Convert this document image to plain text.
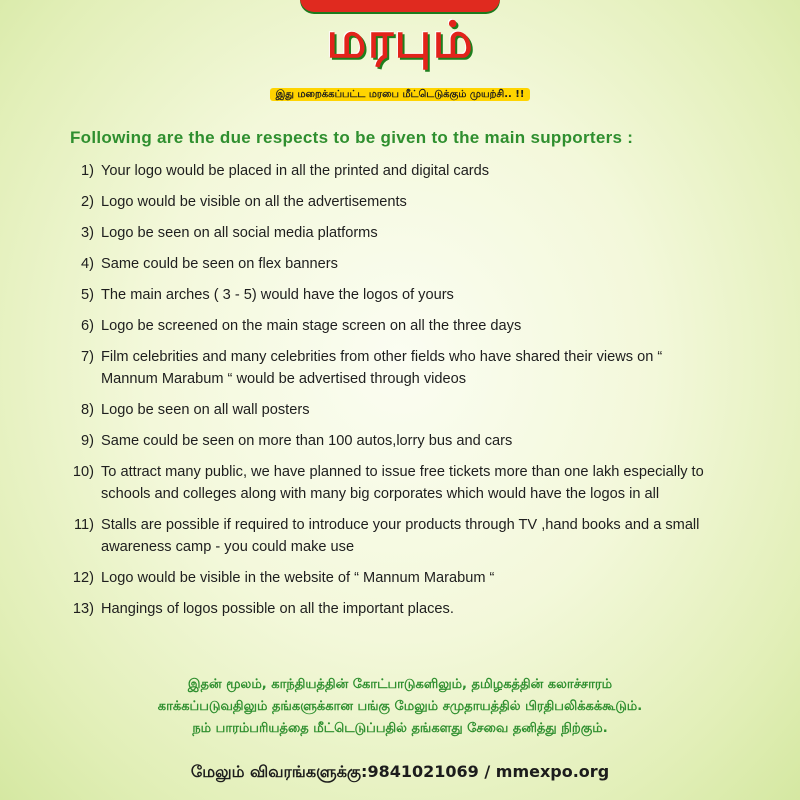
மரபும்
இது மறைக்கப்பட்ட மரபை மீட்டெடுக்கும் முயற்சி.. !!
Following are the due respects to be given to the main supporters :
1) Your logo would be placed in all the printed and digital cards
2) Logo would be visible on all the advertisements
3) Logo be seen on all social media platforms
4) Same could be seen on flex banners
5) The main arches ( 3 - 5) would have the logos of yours
6) Logo be screened on the main stage screen on all the three days
7) Film celebrities and many celebrities from other fields who have shared their views on “ Mannum Marabum “ would be advertised through videos
8) Logo be seen on all wall posters
9) Same could be seen on more than 100 autos,lorry bus and cars
10) To attract many public, we have planned to issue free tickets more than one lakh especially to schools and colleges along with many big corporates which would have the logos in all
11) Stalls are possible if required to introduce your products through TV ,hand books and a small awareness camp - you could make use
12) Logo would be visible in the website of “ Mannum Marabum “
13) Hangings of logos possible on all the important places.
இதன் மூலம், காந்தியத்தின் கோட்பாடுகளிலும், தமிழகத்தின் கலாச்சாரம்
காக்கப்படுவதிலும் தங்களுக்கான பங்கு மேலும் சமுதாயத்தில் பிரதிபலிக்கக்கூடும்.
நம் பாரம்பரியத்தை மீட்டெடுப்பதில் தங்களது சேவை தனித்து நிற்கும்.
மேலும் விவரங்களுக்கு:9841021069 / mmexpo.org
